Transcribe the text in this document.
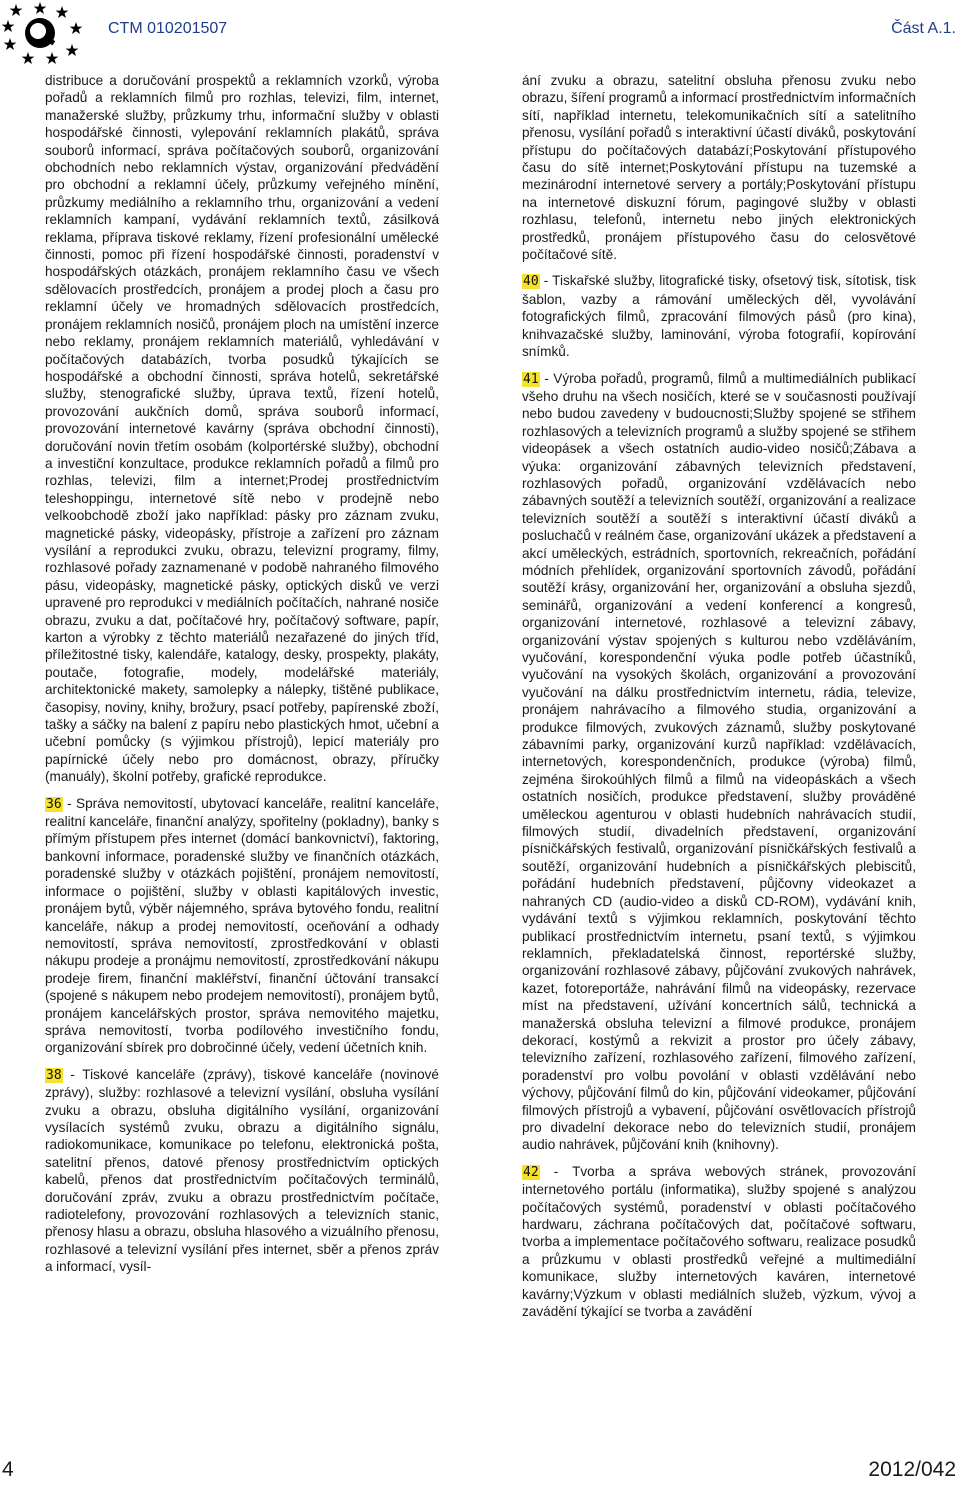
CTM 010201507	Část A.1.

distribuce a doručování prospektů a reklamních vzorků, výroba pořadů a reklamních filmů pro rozhlas, televizi, film, internet, manažerské služby, průzkumy trhu, informační služby v oblasti hospodářské činnosti, vylepování reklamních plakátů, správa souborů informací, správa počítačových souborů, organizování obchodních nebo reklamních výstav, organizování předvádění pro obchodní a reklamní účely, průzkumy veřejného mínění, průzkumy mediálního a reklamního trhu, organizování a vedení reklamních kampaní, vydávání reklamních textů, zásilková reklama, příprava tiskové reklamy, řízení profesionální umělecké činnosti, pomoc při řízení hospodářské činnosti, poradenství v hospodářských otázkách, pronájem reklamního času ve všech sdělovacích prostředcích, pronájem a prodej ploch a času pro reklamní účely ve hromadných sdělovacích prostředcích, pronájem reklamních nosičů, pronájem ploch na umístění inzerce nebo reklamy, pronájem reklamních materiálů, vyhledávání v počítačových databázích, tvorba posudků týkajících se hospodářské a obchodní činnosti, správa hotelů, sekretářské služby, stenografické služby, úprava textů, řízení hotelů, provozování aukčních domů, správa souborů informací, provozování internetové kavárny (správa obchodní činnosti), doručování novin třetím osobám (kolportérské služby), obchodní a investiční konzultace, produkce reklamních pořadů a filmů pro rozhlas, televizi, film a internet;Prodej prostřednictvím teleshoppingu, internetové sítě nebo v prodejně nebo velkoobchodě zboží jako například: pásky pro záznam zvuku, magnetické pásky, videopásky, přístroje a zařízení pro záznam vysílání a reprodukci zvuku, obrazu, televizní programy, filmy, rozhlasové pořady zaznamenané v podobě nahraného filmového pásu, videopásky, magnetické pásky, optických disků ve verzi upravené pro reprodukci v mediálních počítačích, nahrané nosiče obrazu, zvuku a dat, počítačové hry, počítačový software, papír, karton a výrobky z těchto materiálů nezařazené do jiných tříd, příležitostné tisky, kalendáře, katalogy, desky, prospekty, plakáty, poutače, fotografie, modely, modelářské materiály, architektonické makety, samolepky a nálepky, tištěné publikace, časopisy, noviny, knihy, brožury, psací potřeby, papírenské zboží, tašky a sáčky na balení z papíru nebo plastických hmot, učební a učební pomůcky (s výjimkou přístrojů), lepicí materiály pro papírnické účely nebo pro domácnost, obrazy, příručky (manuály), školní potřeby, grafické reprodukce.

36 - Správa nemovitostí, ubytovací kanceláře, realitní kanceláře, realitní kanceláře, finanční analýzy, spořitelny (pokladny), banky s přímým přístupem přes internet (domácí bankovnictví), faktoring, bankovní informace, poradenské služby ve finančních otázkách, poradenské služby v otázkách pojištění, pronájem nemovitostí, informace o pojištění, služby v oblasti kapitálových investic, pronájem bytů, výběr nájemného, správa bytového fondu, realitní kanceláře, nákup a prodej nemovitostí, oceňování a odhady nemovitostí, správa nemovitostí, zprostředkování v oblasti nákupu prodeje a pronájmu nemovitostí, zprostředkování nákupu prodeje firem, finanční makléřství, finanční účtování transakcí (spojené s nákupem nebo prodejem nemovitostí), pronájem bytů, pronájem kancelářských prostor, správa nemovitého majetku, správa nemovitostí, tvorba podílového investičního fondu, organizování sbírek pro dobročinné účely, vedení účetních knih.

38 - Tiskové kanceláře (zprávy), tiskové kanceláře (novinové zprávy), služby: rozhlasové a televizní vysílání, obsluha vysílání zvuku a obrazu, obsluha digitálního vysílání, organizování vysílacích systémů zvuku, obrazu a digitálního signálu, radiokomunikace, komunikace po telefonu, elektronická pošta, satelitní přenos, datové přenosy prostřednictvím optických kabelů, přenos dat prostřednictvím počítačových terminálů, doručování zpráv, zvuku a obrazu prostřednictvím počítače, radiotelefony, provozování rozhlasových a televizních stanic, přenosy hlasu a obrazu, obsluha hlasového a vizuálního přenosu, rozhlasové a televizní vysílání přes internet, sběr a přenos zpráv a informací, vysíl-

ání zvuku a obrazu, satelitní obsluha přenosu zvuku nebo obrazu, šíření programů a informací prostřednictvím informačních sítí, například internetu, telekomunikačních sítí a satelitního přenosu, vysílání pořadů s interaktivní účastí diváků, poskytování přístupu do počítačových databází;Poskytování přístupového času do sítě internet;Poskytování přístupu na tuzemské a mezinárodní internetové servery a portály;Poskytování přístupu na internetové diskuzní fórum, pagingové služby v oblasti rozhlasu, telefonů, internetu nebo jiných elektronických prostředků, pronájem přístupového času do celosvětové počítačové sítě.

40 - Tiskařské služby, litografické tisky, ofsetový tisk, sítotisk, tisk šablon, vazby a rámování uměleckých děl, vyvolávání fotografických filmů, zpracování filmových pásů (pro kina), knihvazačské služby, laminování, výroba fotografií, kopírování snímků.

41 - Výroba pořadů, programů, filmů a multimediálních publikací všeho druhu na všech nosičích, které se v současnosti používají nebo budou zavedeny v budoucnosti;Služby spojené se střihem rozhlasových a televizních programů a služby spojené se střihem videopásek a všech ostatních audio-video nosičů;Zábava a výuka: organizování zábavných televizních představení, rozhlasových pořadů, organizování vzdělávacích nebo zábavných soutěží a televizních soutěží, organizování a realizace televizních soutěží a soutěží s interaktivní účastí diváků a posluchačů v reálném čase, organizování ukázek a představení a akcí uměleckých, estrádních, sportovních, rekreačních, pořádání módních přehlídek, organizování sportovních závodů, pořádání soutěží krásy, organizování her, organizování a obsluha sjezdů, seminářů, organizování a vedení konferencí a kongresů, organizování internetové, rozhlasové a televizní zábavy, organizování výstav spojených s kulturou nebo vzděláváním, vyučování, korespondenční výuka podle potřeb účastníků, vyučování na vysokých školách, organizování a provozování vyučování na dálku prostřednictvím internetu, rádia, televize, pronájem nahrávacího a filmového studia, organizování a produkce filmových, zvukových záznamů, služby poskytované zábavními parky, organizování kurzů například: vzdělávacích, internetových, korespondenčních, produkce (výroba) filmů, zejména širokoúhlých filmů a filmů na videopáskách a všech ostatních nosičích, produkce představení, služby prováděné uměleckou agenturou v oblasti hudebních nahrávacích studií, filmových studií, divadelních představení, organizování písničkářských festivalů, organizování písničkářských festivalů a soutěží, organizování hudebních a písničkářských plebiscitů, pořádání hudebních představení, půjčovny videokazet a nahraných CD (audio-video a disků CD-ROM), vydávání knih, vydávání textů s výjimkou reklamních, poskytování těchto publikací prostřednictvím internetu, psaní textů, s výjimkou reklamních, překladatelská činnost, reportérské služby, organizování rozhlasové zábavy, půjčování zvukových nahrávek, kazet, fotoreportáže, nahrávání filmů na videopásky, rezervace míst na představení, užívání koncertních sálů, technická a manažerská obsluha televizní a filmové produkce, pronájem dekorací, kostýmů a rekvizit a prostor pro účely zábavy, televizního zařízení, rozhlasového zařízení, filmového zařízení, poradenství pro volbu povolání v oblasti vzdělávání nebo výchovy, půjčování filmů do kin, půjčování videokamer, půjčování filmových přístrojů a vybavení, půjčování osvětlovacích přístrojů pro divadelní dekorace nebo do televizních studií, pronájem audio nahrávek, půjčování knih (knihovny).

42 - Tvorba a správa webových stránek, provozování internetového portálu (informatika), služby spojené s analýzou počítačových systémů, poradenství v oblasti počítačového hardwaru, záchrana počítačových dat, počítačové softwaru, tvorba a implementace počítačového softwaru, realizace posudků a průzkumu v oblasti prostředků veřejné a multimediální komunikace, služby internetových kaváren, internetové kavárny;Výzkum v oblasti mediálních služeb, výzkum, vývoj a zavádění týkající se tvorba a zavádění

4	2012/042
